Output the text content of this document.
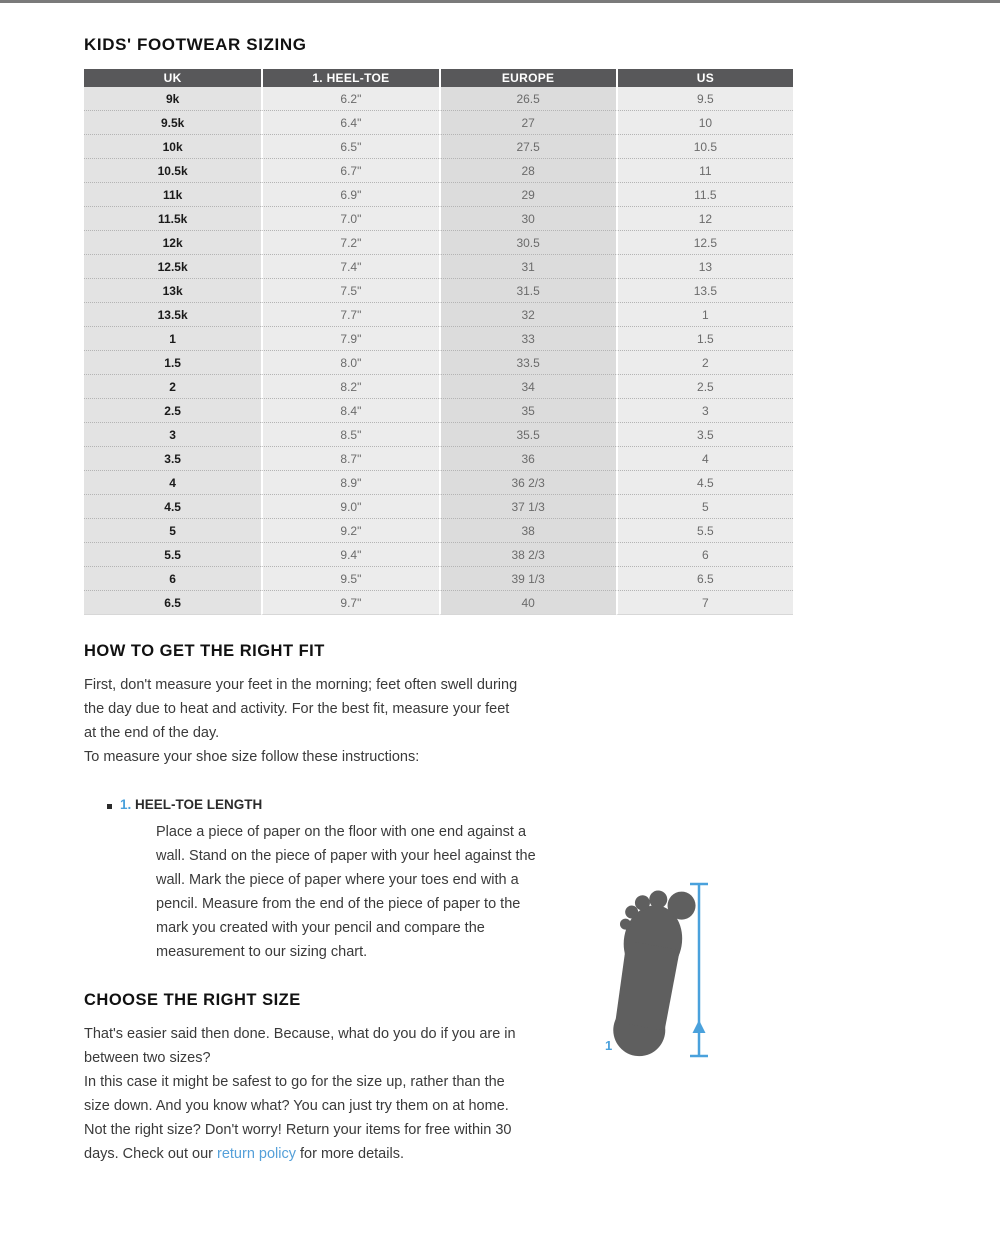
KIDS' FOOTWEAR SIZING
UK	1. HEEL-TOE	EUROPE	US
9k	6.2"	26.5	9.5
9.5k	6.4"	27	10
10k	6.5"	27.5	10.5
10.5k	6.7"	28	11
11k	6.9"	29	11.5
11.5k	7.0"	30	12
12k	7.2"	30.5	12.5
12.5k	7.4"	31	13
13k	7.5"	31.5	13.5
13.5k	7.7"	32	1
1	7.9"	33	1.5
1.5	8.0"	33.5	2
2	8.2"	34	2.5
2.5	8.4"	35	3
3	8.5"	35.5	3.5
3.5	8.7"	36	4
4	8.9"	36 2/3	4.5
4.5	9.0"	37 1/3	5
5	9.2"	38	5.5
5.5	9.4"	38 2/3	6
6	9.5"	39 1/3	6.5
6.5	9.7"	40	7
HOW TO GET THE RIGHT FIT

First, don't measure your feet in the morning; feet often swell during the day due to heat and activity. For the best fit, measure your feet at the end of the day.

To measure your shoe size follow these instructions:

1. HEEL-TOE LENGTH

Place a piece of paper on the floor with one end against a wall. Stand on the piece of paper with your heel against the wall. Mark the piece of paper where your toes end with a pencil. Measure from the end of the piece of paper to the mark you created with your pencil and compare the measurement to our sizing chart.

CHOOSE THE RIGHT SIZE

That's easier said then done. Because, what do you do if you are in between two sizes?

In this case it might be safest to go for the size up, rather than the size down. And you know what? You can just try them on at home.

Not the right size? Don't worry! Return your items for free within 30 days. Check out our return policy for more details.

1
